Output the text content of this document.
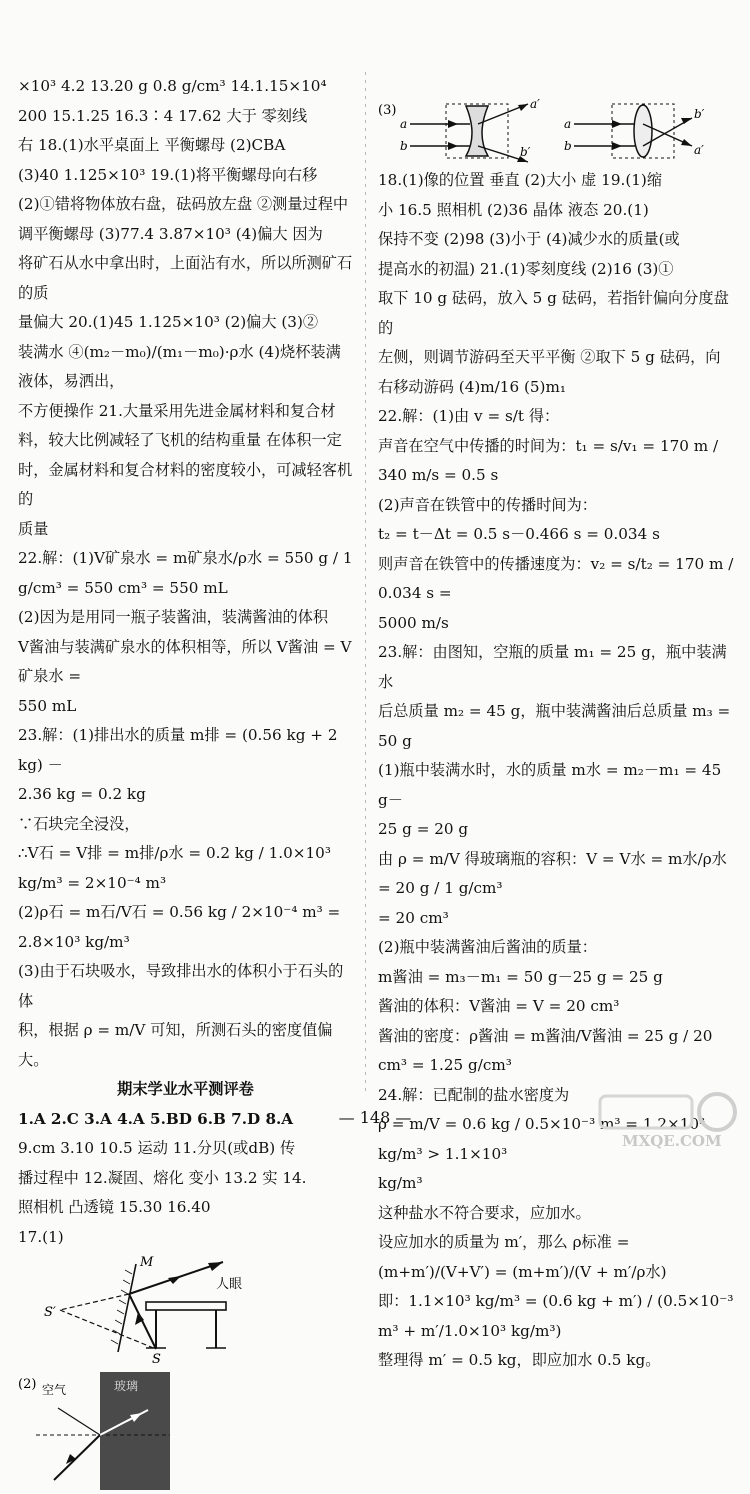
×10³ 4.2 13.20 g 0.8 g/cm³ 14.1.15×10⁴

200 15.1.25 16.3∶4 17.62 大于 零刻线

右 18.(1)水平桌面上 平衡螺母 (2)CBA

(3)40 1.125×10³ 19.(1)将平衡螺母向右移

(2)①错将物体放右盘，砝码放左盘 ②测量过程中

调平衡螺母 (3)77.4 3.87×10³ (4)偏大 因为

将矿石从水中拿出时，上面沾有水，所以所测矿石的质

量偏大 20.(1)45 1.125×10³ (2)偏大 (3)②

装满水 ④(m₂－m₀)/(m₁－m₀)·ρ水 (4)烧杯装满液体，易洒出，

不方便操作 21.大量采用先进金属材料和复合材

料，较大比例减轻了飞机的结构重量 在体积一定

时，金属材料和复合材料的密度较小，可减轻客机的

质量

22.解：(1)V矿泉水 = m矿泉水/ρ水 = 550 g / 1 g/cm³ = 550 cm³ = 550 mL

(2)因为是用同一瓶子装酱油，装满酱油的体积

V酱油与装满矿泉水的体积相等，所以 V酱油 = V矿泉水 =

550 mL

23.解：(1)排出水的质量 m排 = (0.56 kg + 2 kg) －

2.36 kg = 0.2 kg

∵石块完全浸没，

∴V石 = V排 = m排/ρ水 = 0.2 kg / 1.0×10³ kg/m³ = 2×10⁻⁴ m³

(2)ρ石 = m石/V石 = 0.56 kg / 2×10⁻⁴ m³ = 2.8×10³ kg/m³

(3)由于石块吸水，导致排出水的体积小于石头的体

积，根据 ρ = m/V 可知，所测石头的密度值偏大。

期末学业水平测评卷

1.A 2.C 3.A 4.A 5.BD 6.B 7.D 8.A

9.cm 3.10 10.5 运动 11.分贝(或dB) 传

播过程中 12.凝固、熔化 变小 13.2 实 14.

照相机 凸透镜 15.30 16.40

17.(1)

M
人眼
S′
S
(2) 空气	玻璃
(3)
a
b
a′
b′
a
b
b′
a′

18.(1)像的位置 垂直 (2)大小 虚 19.(1)缩

小 16.5 照相机 (2)36 晶体 液态 20.(1)

保持不变 (2)98 (3)小于 (4)减少水的质量(或

提高水的初温) 21.(1)零刻度线 (2)16 (3)①

取下 10 g 砝码，放入 5 g 砝码，若指针偏向分度盘的

左侧，则调节游码至天平平衡 ②取下 5 g 砝码，向

右移动游码 (4)m/16 (5)m₁

22.解：(1)由 v = s/t 得：

声音在空气中传播的时间为：t₁ = s/v₁ = 170 m / 340 m/s = 0.5 s

(2)声音在铁管中的传播时间为：

t₂ = t－Δt = 0.5 s－0.466 s = 0.034 s

则声音在铁管中的传播速度为：v₂ = s/t₂ = 170 m / 0.034 s =

5000 m/s

23.解：由图知，空瓶的质量 m₁ = 25 g，瓶中装满水

后总质量 m₂ = 45 g，瓶中装满酱油后总质量 m₃ = 50 g

(1)瓶中装满水时，水的质量 m水 = m₂－m₁ = 45 g－

25 g = 20 g

由 ρ = m/V 得玻璃瓶的容积：V = V水 = m水/ρ水 = 20 g / 1 g/cm³

= 20 cm³

(2)瓶中装满酱油后酱油的质量：

m酱油 = m₃－m₁ = 50 g－25 g = 25 g

酱油的体积：V酱油 = V = 20 cm³

酱油的密度：ρ酱油 = m酱油/V酱油 = 25 g / 20 cm³ = 1.25 g/cm³

24.解：已配制的盐水密度为

ρ = m/V = 0.6 kg / 0.5×10⁻³ m³ = 1.2×10³ kg/m³ > 1.1×10³

kg/m³

这种盐水不符合要求，应加水。

设应加水的质量为 m′，那么 ρ标准 = (m+m′)/(V+V′) = (m+m′)/(V + m′/ρ水)

即：1.1×10³ kg/m³ = (0.6 kg + m′) / (0.5×10⁻³ m³ + m′/1.0×10³ kg/m³)

整理得 m′ = 0.5 kg，即应加水 0.5 kg。

— 148 —
MXQE.COM
